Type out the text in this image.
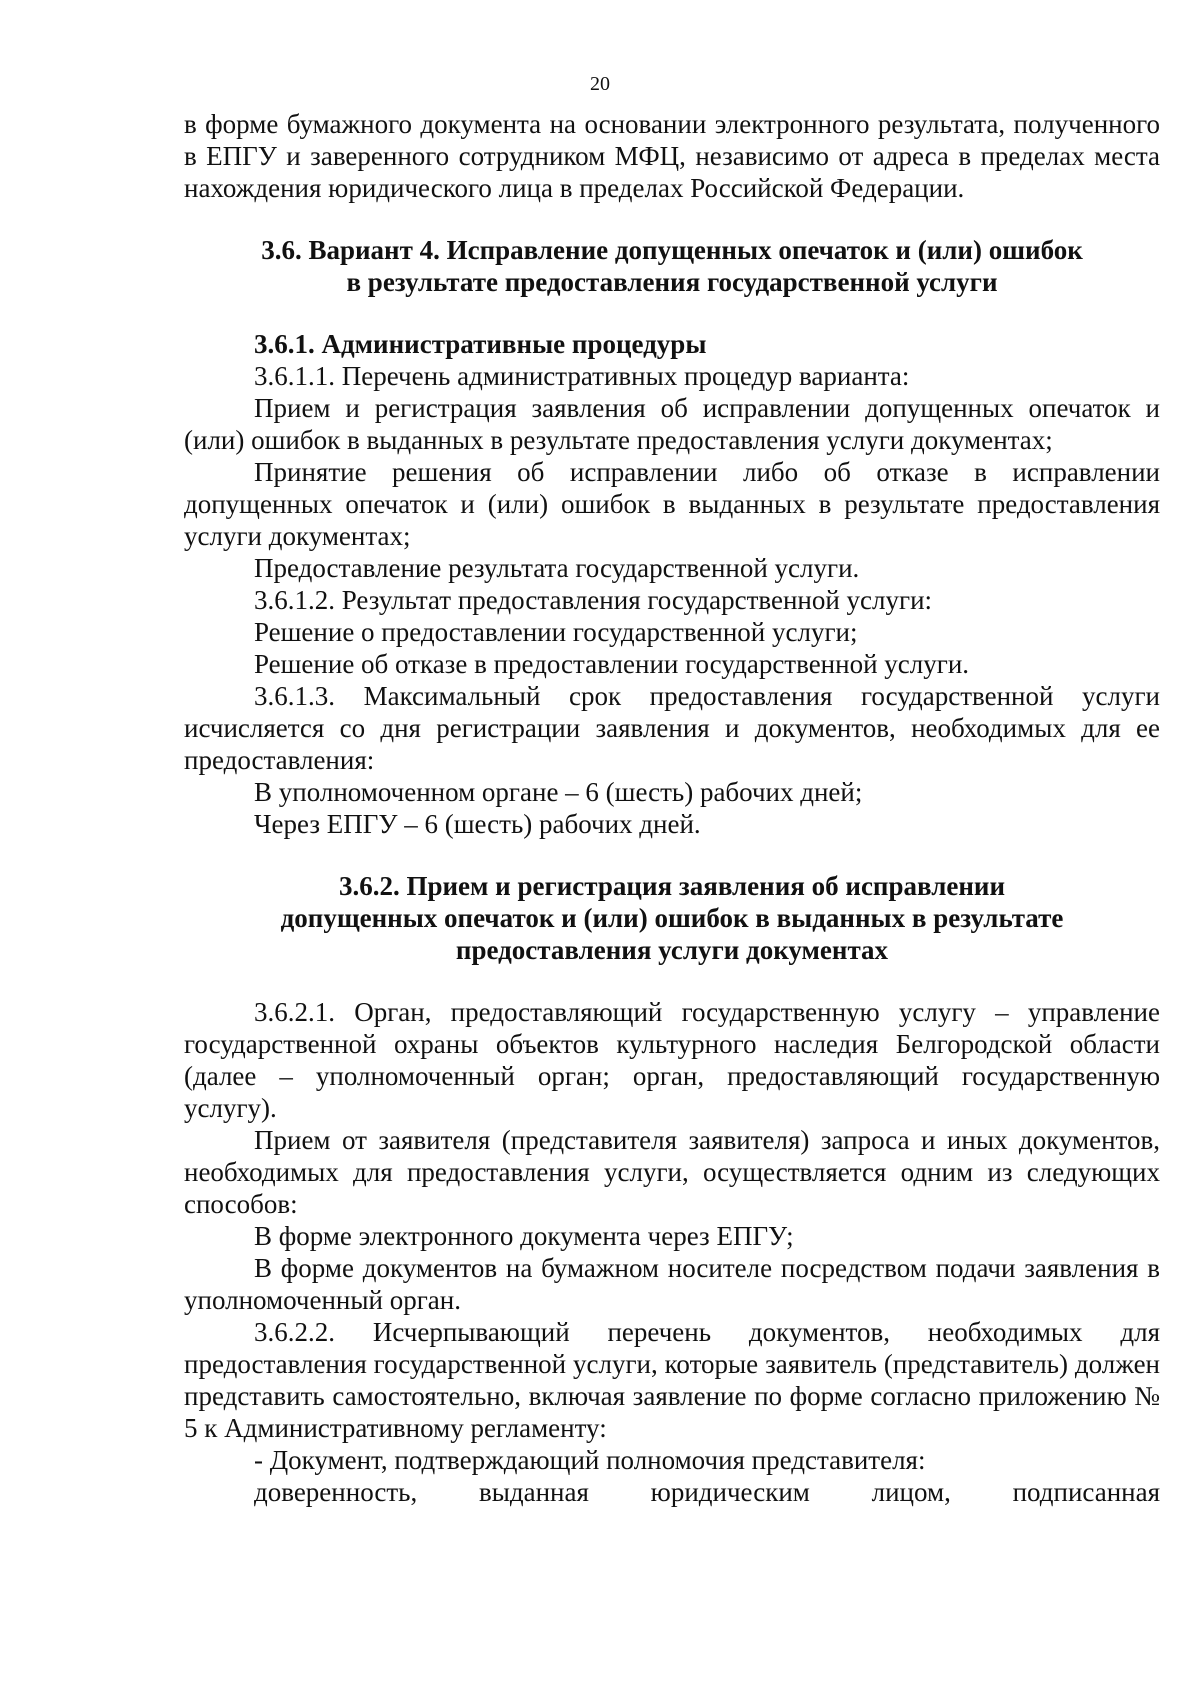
20

в форме бумажного документа на основании электронного результата, полученного в ЕПГУ и заверенного сотрудником МФЦ, независимо от адреса в пределах места нахождения юридического лица в пределах Российской Федерации.

3.6. Вариант 4. Исправление допущенных опечаток и (или) ошибок

в результате предоставления государственной услуги

3.6.1. Административные процедуры

3.6.1.1. Перечень административных процедур варианта:

Прием и регистрация заявления об исправлении допущенных опечаток и (или) ошибок в выданных в результате предоставления услуги документах;

Принятие решения об исправлении либо об отказе в исправлении допущенных опечаток и (или) ошибок в выданных в результате предоставления услуги документах;

Предоставление результата государственной услуги.

3.6.1.2. Результат предоставления государственной услуги:

Решение о предоставлении государственной услуги;

Решение об отказе в предоставлении государственной услуги.

3.6.1.3. Максимальный срок предоставления государственной услуги исчисляется со дня регистрации заявления и документов, необходимых для ее предоставления:

В уполномоченном органе – 6 (шесть) рабочих дней;

Через ЕПГУ – 6 (шесть) рабочих дней.

3.6.2. Прием и регистрация заявления об исправлении

допущенных опечаток и (или) ошибок в выданных в результате

предоставления услуги документах

3.6.2.1. Орган, предоставляющий государственную услугу – управление государственной охраны объектов культурного наследия Белгородской области (далее – уполномоченный орган; орган, предоставляющий государственную услугу).

Прием от заявителя (представителя заявителя) запроса и иных документов, необходимых для предоставления услуги, осуществляется одним из следующих способов:

В форме электронного документа через ЕПГУ;

В форме документов на бумажном носителе посредством подачи заявления в уполномоченный орган.

3.6.2.2. Исчерпывающий перечень документов, необходимых для предоставления государственной услуги, которые заявитель (представитель) должен представить самостоятельно, включая заявление по форме согласно приложению № 5 к Административному регламенту:

- Документ, подтверждающий полномочия представителя:

доверенность, выданная юридическим лицом, подписанная
